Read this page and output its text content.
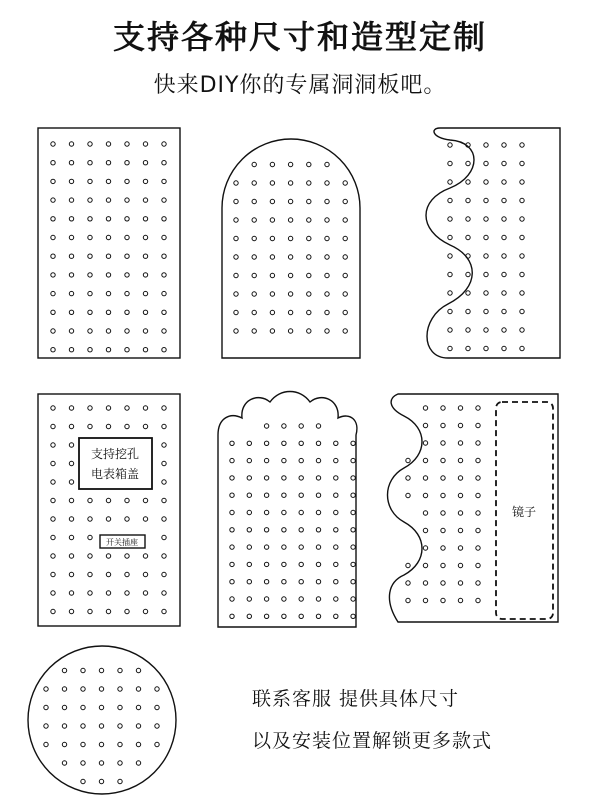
支持各种尺寸和造型定制
快来DIY你的专属洞洞板吧。
支持挖孔
电表箱盖
开关插座
镜子
联系客服 提供具体尺寸
以及安装位置解锁更多款式
